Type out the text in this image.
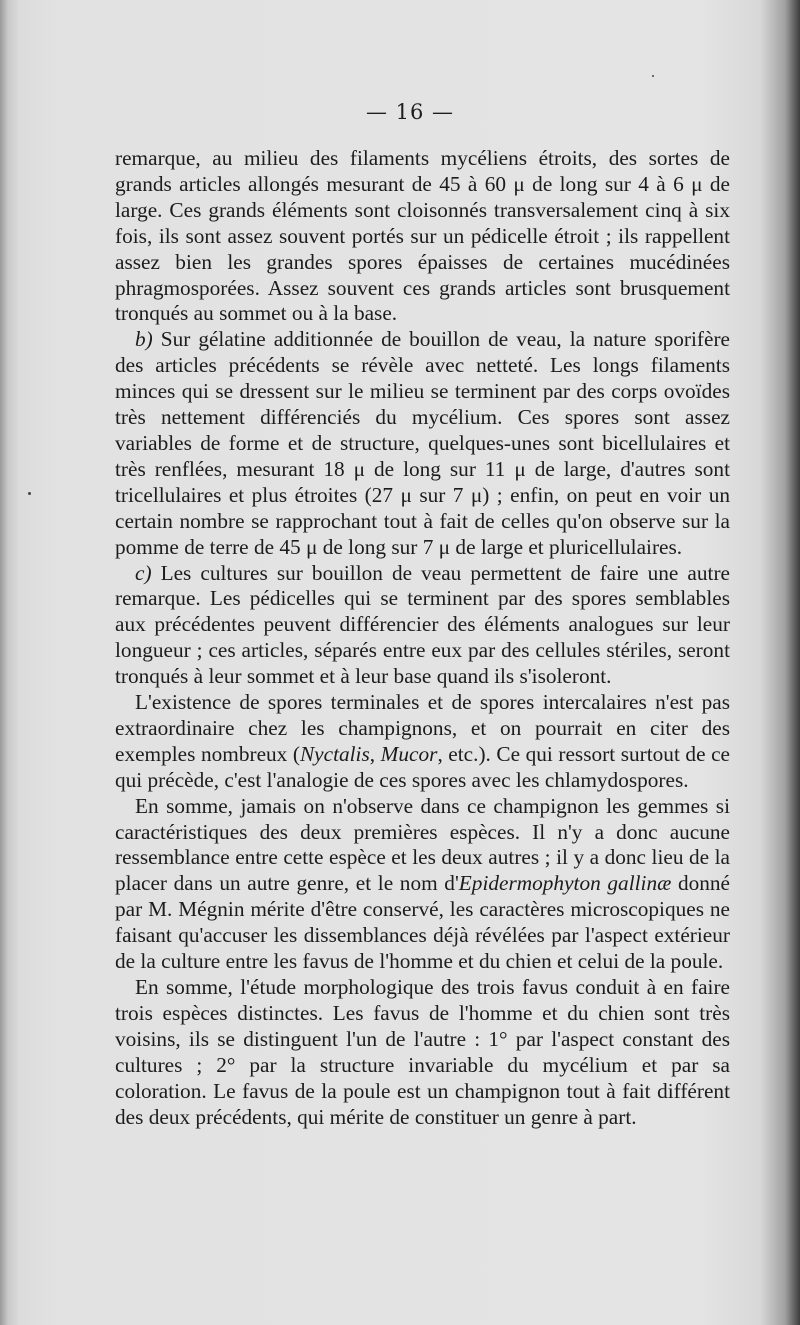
— 16 —

remarque, au milieu des filaments mycéliens étroits, des sortes de grands articles allongés mesurant de 45 à 60 μ de long sur 4 à 6 μ de large. Ces grands éléments sont cloisonnés transversalement cinq à six fois, ils sont assez souvent portés sur un pédicelle étroit ; ils rappellent assez bien les grandes spores épaisses de certaines mucédinées phragmosporées. Assez souvent ces grands articles sont brusquement tronqués au sommet ou à la base.

b) Sur gélatine additionnée de bouillon de veau, la nature sporifère des articles précédents se révèle avec netteté. Les longs filaments minces qui se dressent sur le milieu se terminent par des corps ovoïdes très nettement différenciés du mycélium. Ces spores sont assez variables de forme et de structure, quelques-unes sont bicellulaires et très renflées, mesurant 18 μ de long sur 11 μ de large, d'autres sont tricellulaires et plus étroites (27 μ sur 7 μ) ; enfin, on peut en voir un certain nombre se rapprochant tout à fait de celles qu'on observe sur la pomme de terre de 45 μ de long sur 7 μ de large et pluricellulaires.

c) Les cultures sur bouillon de veau permettent de faire une autre remarque. Les pédicelles qui se terminent par des spores semblables aux précédentes peuvent différencier des éléments analogues sur leur longueur ; ces articles, séparés entre eux par des cellules stériles, seront tronqués à leur sommet et à leur base quand ils s'isoleront.

L'existence de spores terminales et de spores intercalaires n'est pas extraordinaire chez les champignons, et on pourrait en citer des exemples nombreux (Nyctalis, Mucor, etc.). Ce qui ressort surtout de ce qui précède, c'est l'analogie de ces spores avec les chlamydospores.

En somme, jamais on n'observe dans ce champignon les gemmes si caractéristiques des deux premières espèces. Il n'y a donc aucune ressemblance entre cette espèce et les deux autres ; il y a donc lieu de la placer dans un autre genre, et le nom d'Epidermophyton gallinæ donné par M. Mégnin mérite d'être conservé, les caractères microscopiques ne faisant qu'accuser les dissemblances déjà révélées par l'aspect extérieur de la culture entre les favus de l'homme et du chien et celui de la poule.

En somme, l'étude morphologique des trois favus conduit à en faire trois espèces distinctes. Les favus de l'homme et du chien sont très voisins, ils se distinguent l'un de l'autre : 1° par l'aspect constant des cultures ; 2° par la structure invariable du mycélium et par sa coloration. Le favus de la poule est un champignon tout à fait différent des deux précédents, qui mérite de constituer un genre à part.
